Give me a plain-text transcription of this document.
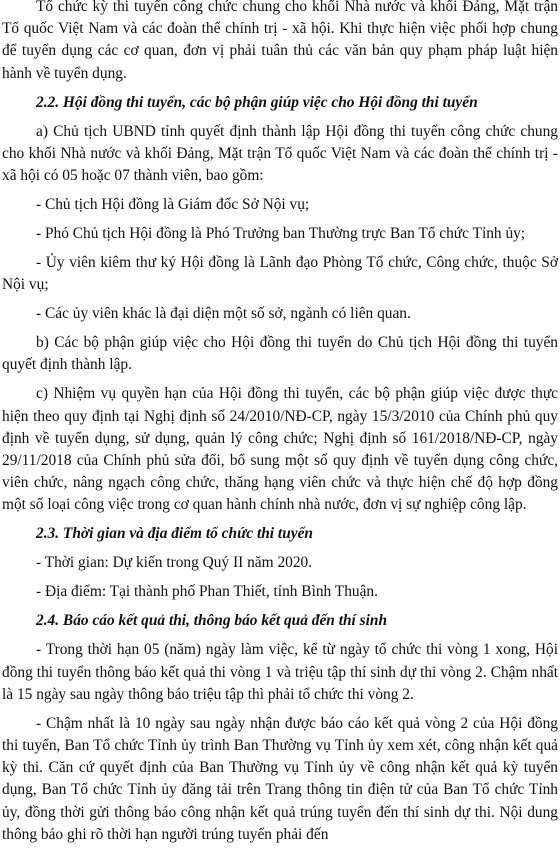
Tổ chức kỳ thi tuyển công chức chung cho khối Nhà nước và khối Đảng, Mặt trận Tổ quốc Việt Nam và các đoàn thể chính trị - xã hội. Khi thực hiện việc phối hợp chung để tuyển dụng các cơ quan, đơn vị phải tuân thủ các văn bản quy phạm pháp luật hiện hành về tuyển dụng.

2.2. Hội đồng thi tuyển, các bộ phận giúp việc cho Hội đồng thi tuyển

a) Chủ tịch UBND tỉnh quyết định thành lập Hội đồng thi tuyển công chức chung cho khối Nhà nước và khối Đảng, Mặt trận Tổ quốc Việt Nam và các đoàn thể chính trị - xã hội có 05 hoặc 07 thành viên, bao gồm:

- Chủ tịch Hội đồng là Giám đốc Sở Nội vụ;

- Phó Chủ tịch Hội đồng là Phó Trưởng ban Thường trực Ban Tổ chức Tỉnh ủy;

- Ủy viên kiêm thư ký Hội đồng là Lãnh đạo Phòng Tổ chức, Công chức, thuộc Sở Nội vụ;

- Các ủy viên khác là đại diện một số sở, ngành có liên quan.

b) Các bộ phận giúp việc cho Hội đồng thi tuyển do Chủ tịch Hội đồng thi tuyển quyết định thành lập.

c) Nhiệm vụ quyền hạn của Hội đồng thi tuyển, các bộ phận giúp việc được thực hiện theo quy định tại Nghị định số 24/2010/NĐ-CP, ngày 15/3/2010 của Chính phủ quy định về tuyển dụng, sử dụng, quản lý công chức; Nghị định số 161/2018/NĐ-CP, ngày 29/11/2018 của Chính phủ sửa đổi, bổ sung một số quy định về tuyển dụng công chức, viên chức, nâng ngạch công chức, thăng hạng viên chức và thực hiện chế độ hợp đồng một số loại công việc trong cơ quan hành chính nhà nước, đơn vị sự nghiệp công lập.

2.3. Thời gian và địa điểm tổ chức thi tuyển

- Thời gian: Dự kiến trong Quý II năm 2020.

- Địa điểm: Tại thành phố Phan Thiết, tỉnh Bình Thuận.

2.4. Báo cáo kết quả thi, thông báo kết quả đến thí sinh

- Trong thời hạn 05 (năm) ngày làm việc, kể từ ngày tổ chức thi vòng 1 xong, Hội đồng thi tuyển thông báo kết quả thi vòng 1 và triệu tập thí sinh dự thi vòng 2. Chậm nhất là 15 ngày sau ngày thông báo triệu tập thì phải tổ chức thi vòng 2.

- Chậm nhất là 10 ngày sau ngày nhận được báo cáo kết quả vòng 2 của Hội đồng thi tuyển, Ban Tổ chức Tỉnh ủy trình Ban Thường vụ Tỉnh ủy xem xét, công nhận kết quả kỳ thi. Căn cứ quyết định của Ban Thường vụ Tỉnh ủy về công nhận kết quả kỳ tuyển dụng, Ban Tổ chức Tỉnh ủy đăng tải trên Trang thông tin điện tử của Ban Tổ chức Tỉnh ủy, đồng thời gửi thông báo công nhận kết quả trúng tuyển đến thí sinh dự thi. Nội dung thông báo ghi rõ thời hạn người trúng tuyển phải đến
